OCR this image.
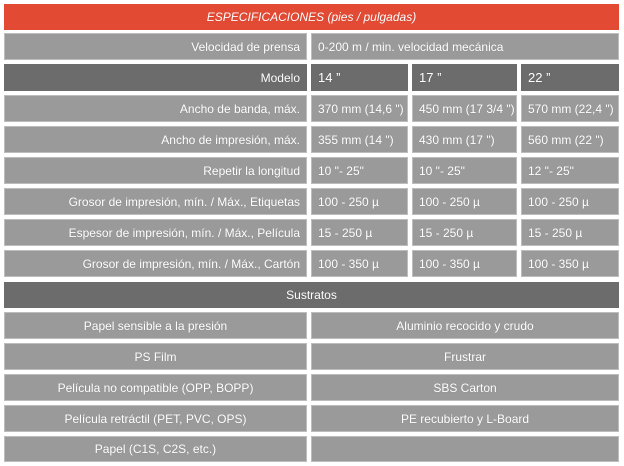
ESPECIFICACIONES (pies / pulgadas)
Velocidad de prensa	0-200 m / min. velocidad mecánica
Modelo	14 ”	17 ”	22 ”
Ancho de banda, máx.	370 mm (14,6 ")	450 mm (17 3/4 ")	570 mm (22,4 ")
Ancho de impresión, máx.	355 mm (14 ")	430 mm (17 ")	560 mm (22 ")
Repetir la longitud	10 "- 25"	10 "- 25"	12 "- 25"
Grosor de impresión, mín. / Máx., Etiquetas	100 - 250 µ	100 - 250 µ	100 - 250 µ
Espesor de impresión, mín. / Máx., Película	15 - 250 µ	15 - 250 µ	15 - 250 µ
Grosor de impresión, mín. / Máx., Cartón	100 - 350 µ	100 - 350 µ	100 - 350 µ
Sustratos
Papel sensible a la presión	Aluminio recocido y crudo
PS Film	Frustrar
Película no compatible (OPP, BOPP)	SBS Carton
Película retráctil (PET, PVC, OPS)	PE recubierto y L-Board
Papel (C1S, C2S, etc.)
